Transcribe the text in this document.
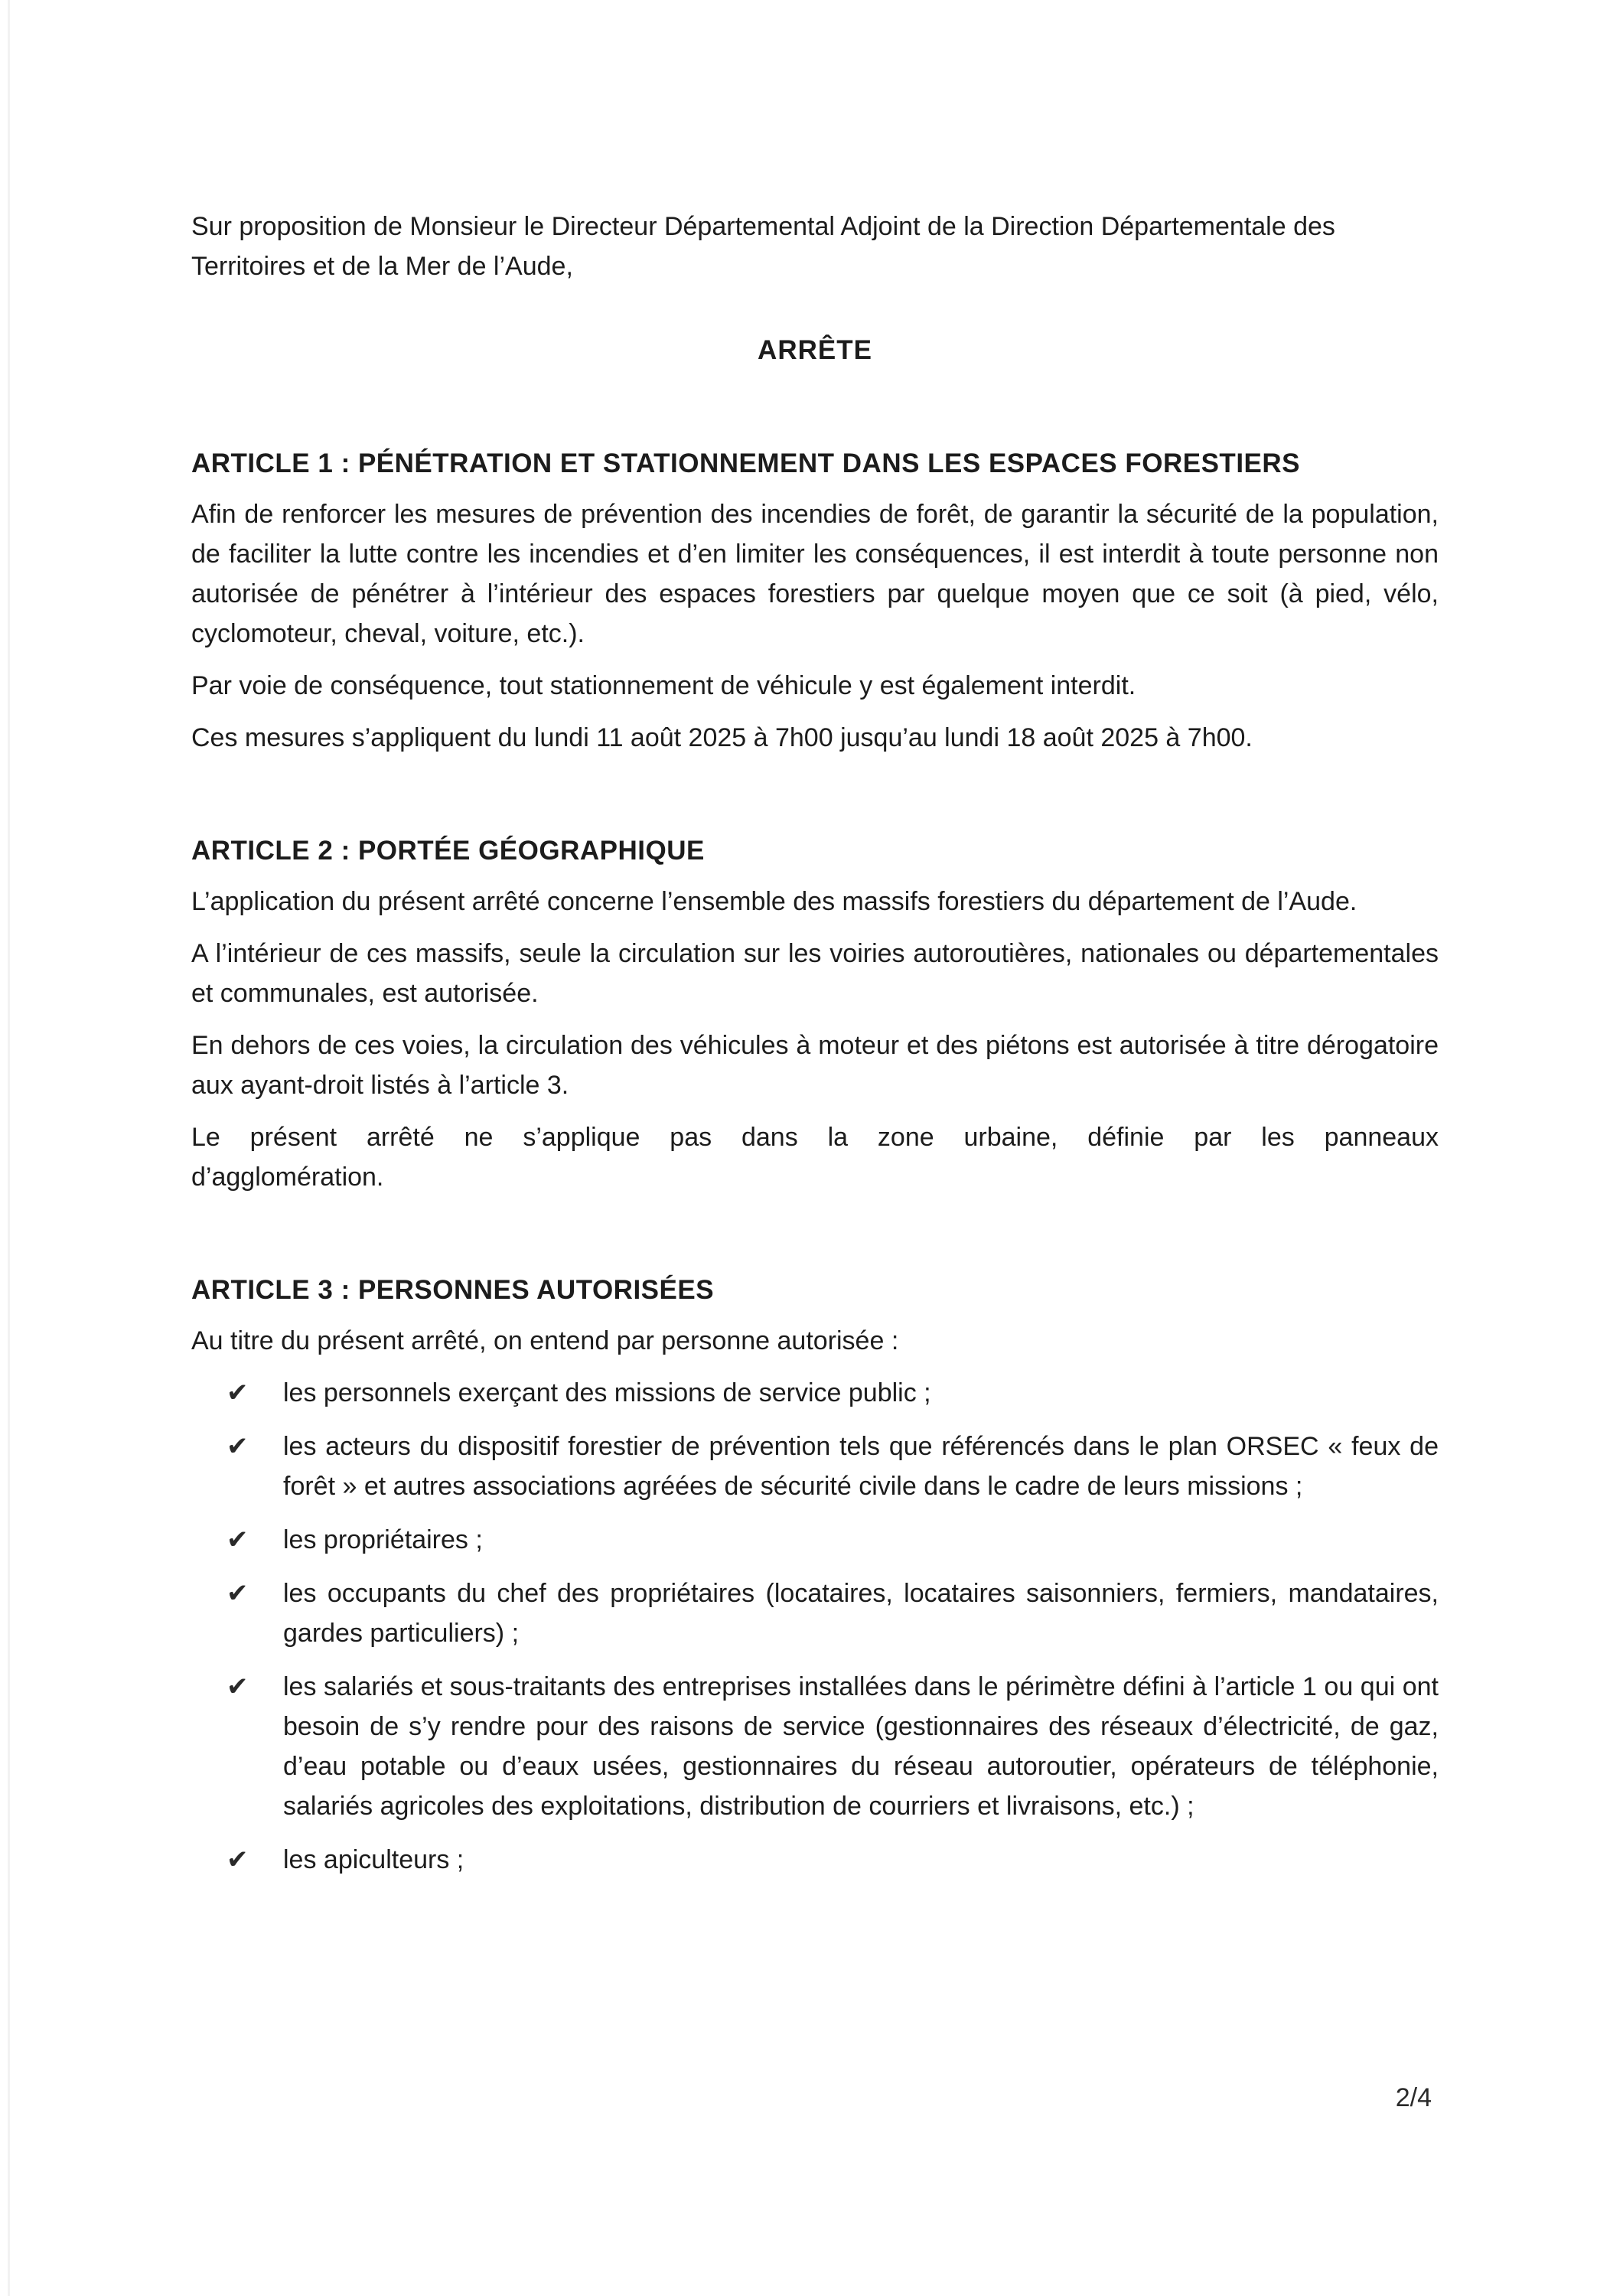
Sur proposition de Monsieur le Directeur Départemental Adjoint de la Direction Départementale des Territoires et de la Mer de l’Aude,

ARRÊTE
ARTICLE 1 : PÉNÉTRATION ET STATIONNEMENT DANS LES ESPACES FORESTIERS

Afin de renforcer les mesures de prévention des incendies de forêt, de garantir la sécurité de la population, de faciliter la lutte contre les incendies et d’en limiter les conséquences, il est interdit à toute personne non autorisée de pénétrer à l’intérieur des espaces forestiers par quelque moyen que ce soit (à pied, vélo, cyclomoteur, cheval, voiture, etc.).

Par voie de conséquence, tout stationnement de véhicule y est également interdit.

Ces mesures s’appliquent du lundi 11 août 2025 à 7h00 jusqu’au lundi 18 août 2025 à 7h00.

ARTICLE 2 : PORTÉE GÉOGRAPHIQUE

L’application du présent arrêté concerne l’ensemble des massifs forestiers du département de l’Aude.

A l’intérieur de ces massifs, seule la circulation sur les voiries autoroutières, nationales ou départementales et communales, est autorisée.

En dehors de ces voies, la circulation des véhicules à moteur et des piétons est autorisée à titre dérogatoire aux ayant-droit listés à l’article 3.

Le présent arrêté ne s’applique pas dans la zone urbaine, définie par les panneaux d’agglomération.

ARTICLE 3 : PERSONNES AUTORISÉES

Au titre du présent arrêté, on entend par personne autorisée :

✔ les personnels exerçant des missions de service public ;
✔ les acteurs du dispositif forestier de prévention tels que référencés dans le plan ORSEC « feux de forêt » et autres associations agréées de sécurité civile dans le cadre de leurs missions ;
✔ les propriétaires ;
✔ les occupants du chef des propriétaires (locataires, locataires saisonniers, fermiers, mandataires, gardes particuliers) ;
✔ les salariés et sous-traitants des entreprises installées dans le périmètre défini à l’article 1 ou qui ont besoin de s’y rendre pour des raisons de service (gestionnaires des réseaux d’électricité, de gaz, d’eau potable ou d’eaux usées, gestionnaires du réseau autoroutier, opérateurs de téléphonie, salariés agricoles des exploitations, distribution de courriers et livraisons, etc.) ;
✔ les apiculteurs ;
2/4
